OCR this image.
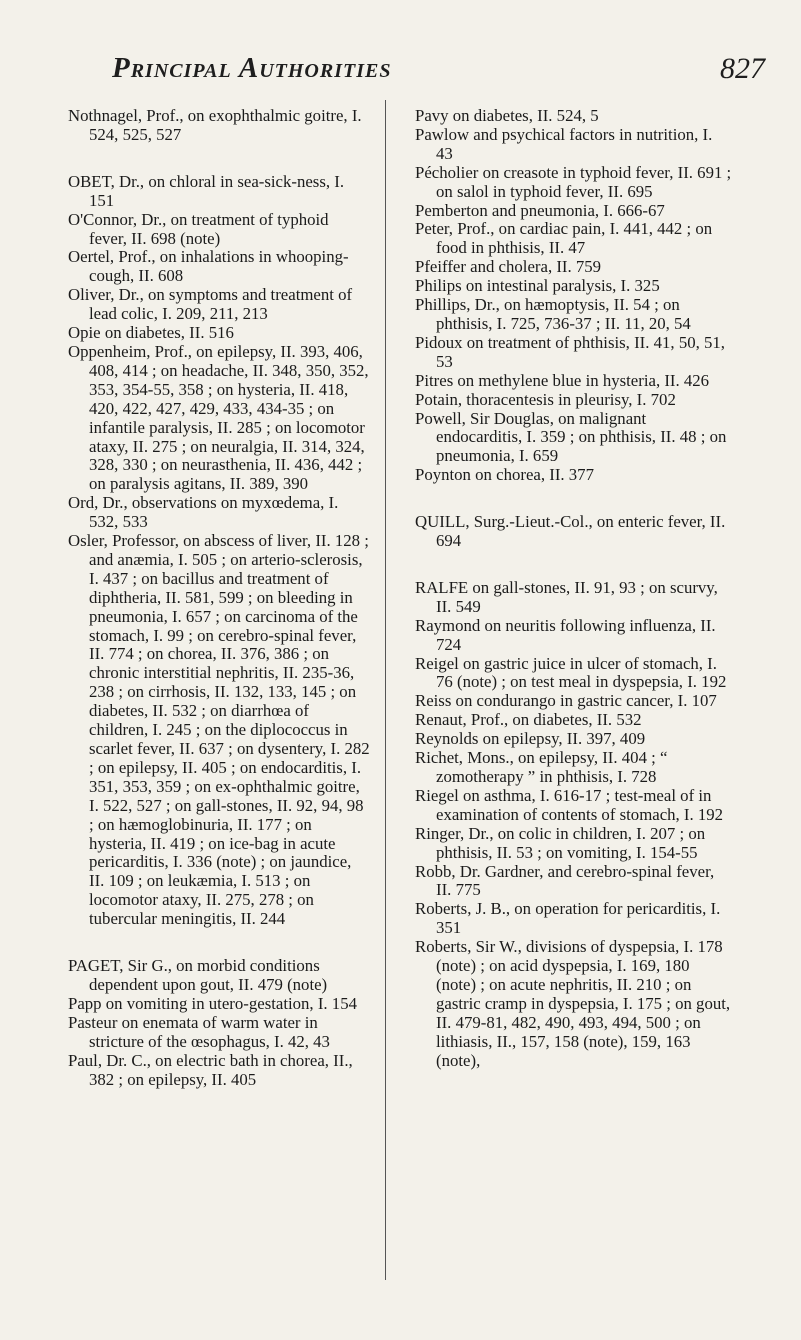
Principal Authorities	827

Nothnagel, Prof., on exophthalmic goitre, I. 524, 525, 527

OBET, Dr., on chloral in sea-sick-ness, I. 151

O'Connor, Dr., on treatment of typhoid fever, II. 698 (note)

Oertel, Prof., on inhalations in whooping-cough, II. 608

Oliver, Dr., on symptoms and treatment of lead colic, I. 209, 211, 213

Opie on diabetes, II. 516

Oppenheim, Prof., on epilepsy, II. 393, 406, 408, 414 ; on headache, II. 348, 350, 352, 353, 354-55, 358 ; on hysteria, II. 418, 420, 422, 427, 429, 433, 434-35 ; on infantile paralysis, II. 285 ; on locomotor ataxy, II. 275 ; on neuralgia, II. 314, 324, 328, 330 ; on neurasthenia, II. 436, 442 ; on paralysis agitans, II. 389, 390

Ord, Dr., observations on myxœdema, I. 532, 533

Osler, Professor, on abscess of liver, II. 128 ; and anæmia, I. 505 ; on arterio-sclerosis, I. 437 ; on bacillus and treatment of diphtheria, II. 581, 599 ; on bleeding in pneumonia, I. 657 ; on carcinoma of the stomach, I. 99 ; on cerebro-spinal fever, II. 774 ; on chorea, II. 376, 386 ; on chronic interstitial nephritis, II. 235-36, 238 ; on cirrhosis, II. 132, 133, 145 ; on diabetes, II. 532 ; on diarrhœa of children, I. 245 ; on the diplococcus in scarlet fever, II. 637 ; on dysentery, I. 282 ; on epilepsy, II. 405 ; on endocarditis, I. 351, 353, 359 ; on ex-ophthalmic goitre, I. 522, 527 ; on gall-stones, II. 92, 94, 98 ; on hæmoglobinuria, II. 177 ; on hysteria, II. 419 ; on ice-bag in acute pericarditis, I. 336 (note) ; on jaundice, II. 109 ; on leukæmia, I. 513 ; on locomotor ataxy, II. 275, 278 ; on tubercular meningitis, II. 244

PAGET, Sir G., on morbid conditions dependent upon gout, II. 479 (note)

Papp on vomiting in utero-gestation, I. 154

Pasteur on enemata of warm water in stricture of the œsophagus, I. 42, 43

Paul, Dr. C., on electric bath in chorea, II., 382 ; on epilepsy, II. 405

Pavy on diabetes, II. 524, 5

Pawlow and psychical factors in nutrition, I. 43

Pécholier on creasote in typhoid fever, II. 691 ; on salol in typhoid fever, II. 695

Pemberton and pneumonia, I. 666-67

Peter, Prof., on cardiac pain, I. 441, 442 ; on food in phthisis, II. 47

Pfeiffer and cholera, II. 759

Philips on intestinal paralysis, I. 325

Phillips, Dr., on hæmoptysis, II. 54 ; on phthisis, I. 725, 736-37 ; II. 11, 20, 54

Pidoux on treatment of phthisis, II. 41, 50, 51, 53

Pitres on methylene blue in hysteria, II. 426

Potain, thoracentesis in pleurisy, I. 702

Powell, Sir Douglas, on malignant endocarditis, I. 359 ; on phthisis, II. 48 ; on pneumonia, I. 659

Poynton on chorea, II. 377

QUILL, Surg.-Lieut.-Col., on enteric fever, II. 694

RALFE on gall-stones, II. 91, 93 ; on scurvy, II. 549

Raymond on neuritis following influenza, II. 724

Reigel on gastric juice in ulcer of stomach, I. 76 (note) ; on test meal in dyspepsia, I. 192

Reiss on condurango in gastric cancer, I. 107

Renaut, Prof., on diabetes, II. 532

Reynolds on epilepsy, II. 397, 409

Richet, Mons., on epilepsy, II. 404 ; “ zomotherapy ” in phthisis, I. 728

Riegel on asthma, I. 616-17 ; test-meal of in examination of contents of stomach, I. 192

Ringer, Dr., on colic in children, I. 207 ; on phthisis, II. 53 ; on vomiting, I. 154-55

Robb, Dr. Gardner, and cerebro-spinal fever, II. 775

Roberts, J. B., on operation for pericarditis, I. 351

Roberts, Sir W., divisions of dyspepsia, I. 178 (note) ; on acid dyspepsia, I. 169, 180 (note) ; on acute nephritis, II. 210 ; on gastric cramp in dyspepsia, I. 175 ; on gout, II. 479-81, 482, 490, 493, 494, 500 ; on lithiasis, II., 157, 158 (note), 159, 163 (note),
